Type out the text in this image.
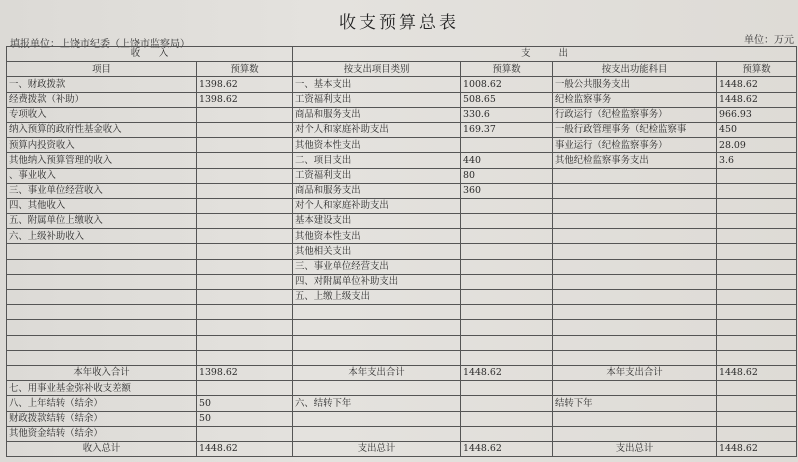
收支预算总表
填报单位：上饶市纪委（上饶市监察局）	单位：万元
收　　入		支　　　出			
项目	预算数	按支出项目类别	预算数	按支出功能科目	预算数
一、财政拨款	1398.62	一、基本支出	1008.62	一般公共服务支出	1448.62
经费拨款（补助）	1398.62	工资福利支出	508.65	纪检监察事务	1448.62
专项收入		商品和服务支出	330.6	行政运行（纪检监察事务）	966.93
纳入预算的政府性基金收入		对个人和家庭补助支出	169.37	一般行政管理事务（纪检监察事	450
预算内投资收入		其他资本性支出		事业运行（纪检监察事务）	28.09
其他纳入预算管理的收入		二、项目支出	440	其他纪检监察事务支出	3.6
、事业收入		工资福利支出	80		
三、事业单位经营收入		商品和服务支出	360		
四、其他收入		对个人和家庭补助支出			
五、附属单位上缴收入		基本建设支出			
六、上级补助收入		其他资本性支出			
		其他相关支出			
		三、事业单位经营支出			
		四、对附属单位补助支出			
		五、上缴上级支出			

本年收入合计	1398.62	本年支出合计	1448.62	本年支出合计	1448.62
七、用事业基金弥补收支差额					
八、上年结转（结余）	50	六、结转下年		结转下年	
财政拨款结转（结余）	50				
其他资金结转（结余）					
收入总计	1448.62	支出总计	1448.62	支出总计	1448.62
